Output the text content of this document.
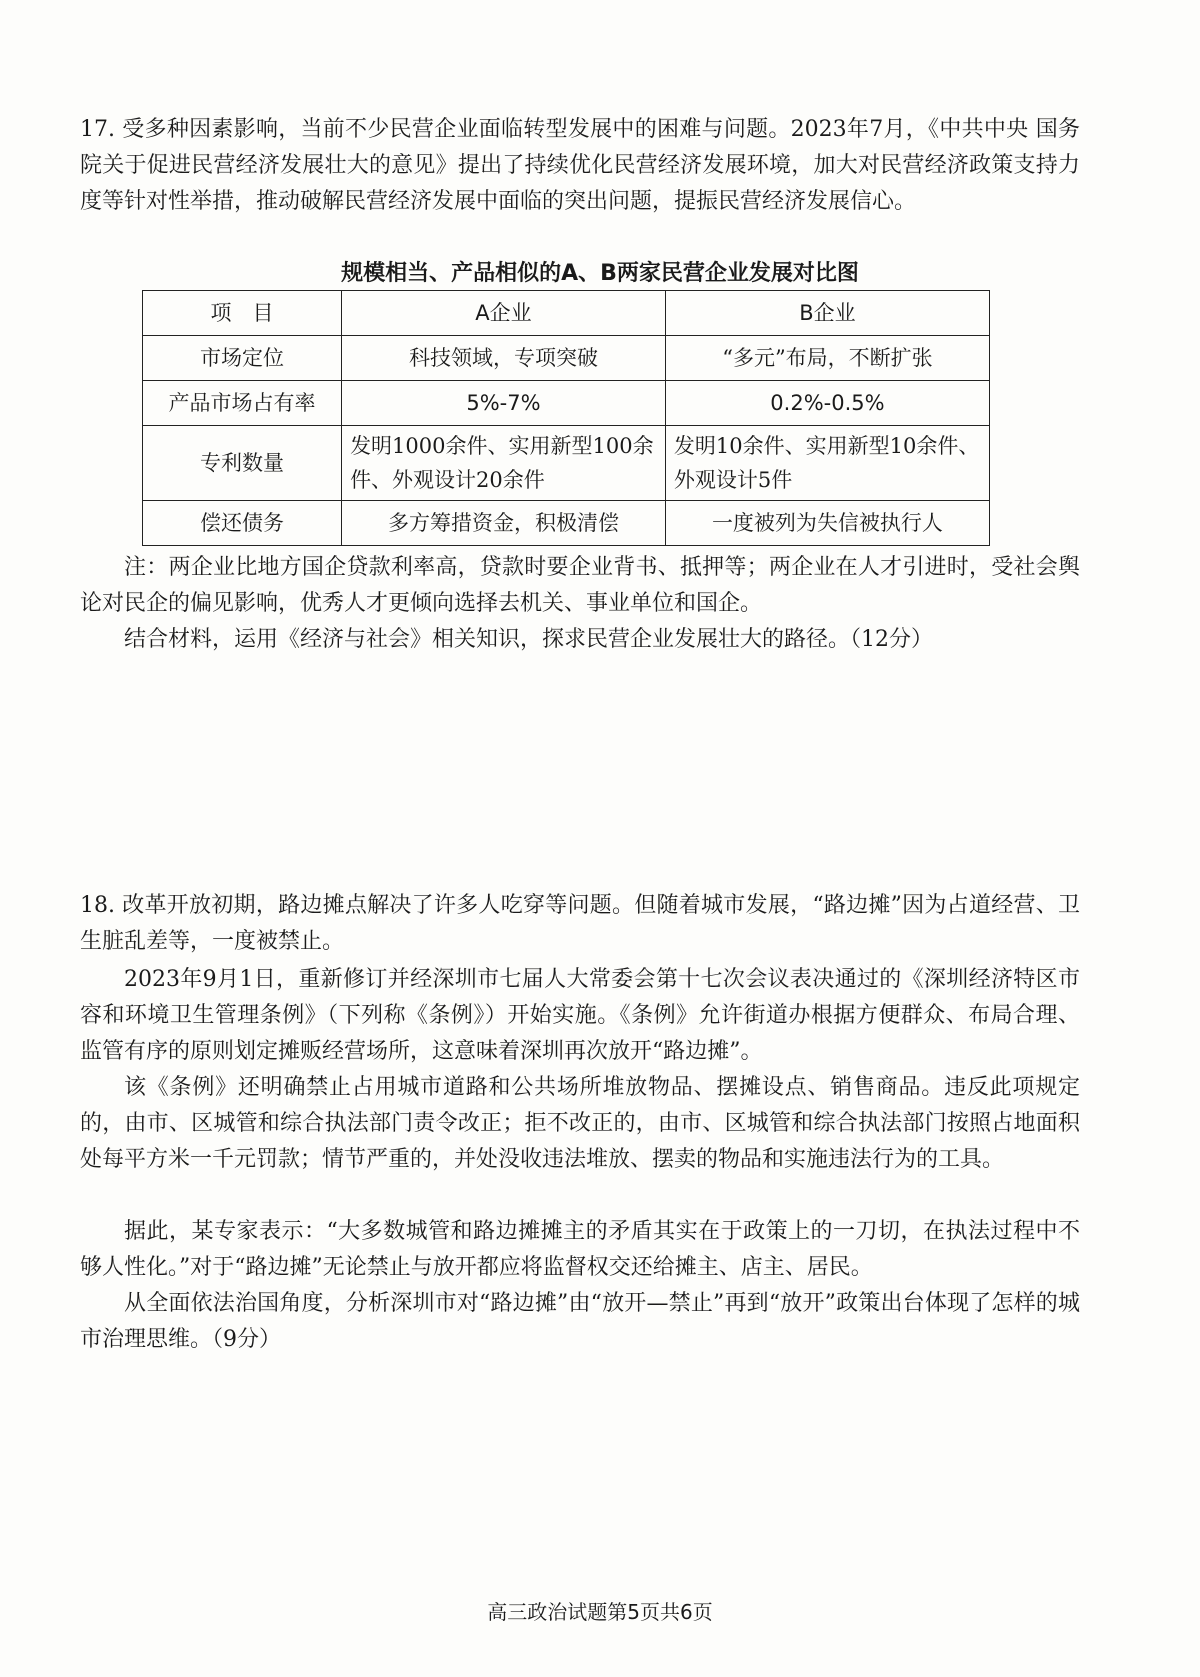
17. 受多种因素影响，当前不少民营企业面临转型发展中的困难与问题。2023年7月，《中共中央 国务院关于促进民营经济发展壮大的意见》提出了持续优化民营经济发展环境，加大对民营经济政策支持力度等针对性举措，推动破解民营经济发展中面临的突出问题，提振民营经济发展信心。

规模相当、产品相似的A、B两家民营企业发展对比图

项　目	A企业	B企业
市场定位	科技领域，专项突破	“多元”布局，不断扩张
产品市场占有率	5%-7%	0.2%-0.5%
专利数量	发明1000余件、实用新型100余件、外观设计20余件	发明10余件、实用新型10余件、外观设计5件
偿还债务	多方筹措资金，积极清偿	一度被列为失信被执行人

注：两企业比地方国企贷款利率高，贷款时要企业背书、抵押等；两企业在人才引进时，受社会舆论对民企的偏见影响，优秀人才更倾向选择去机关、事业单位和国企。

结合材料，运用《经济与社会》相关知识，探求民营企业发展壮大的路径。（12分）

18. 改革开放初期，路边摊点解决了许多人吃穿等问题。但随着城市发展，“路边摊”因为占道经营、卫生脏乱差等，一度被禁止。

2023年9月1日，重新修订并经深圳市七届人大常委会第十七次会议表决通过的《深圳经济特区市容和环境卫生管理条例》（下列称《条例》）开始实施。《条例》允许街道办根据方便群众、布局合理、监管有序的原则划定摊贩经营场所，这意味着深圳再次放开“路边摊”。

该《条例》还明确禁止占用城市道路和公共场所堆放物品、摆摊设点、销售商品。违反此项规定的，由市、区城管和综合执法部门责令改正；拒不改正的，由市、区城管和综合执法部门按照占地面积处每平方米一千元罚款；情节严重的，并处没收违法堆放、摆卖的物品和实施违法行为的工具。

据此，某专家表示：“大多数城管和路边摊摊主的矛盾其实在于政策上的一刀切，在执法过程中不够人性化。”对于“路边摊”无论禁止与放开都应将监督权交还给摊主、店主、居民。

从全面依法治国角度，分析深圳市对“路边摊”由“放开—禁止”再到“放开”政策出台体现了怎样的城市治理思维。（9分）

高三政治试题第5页共6页
